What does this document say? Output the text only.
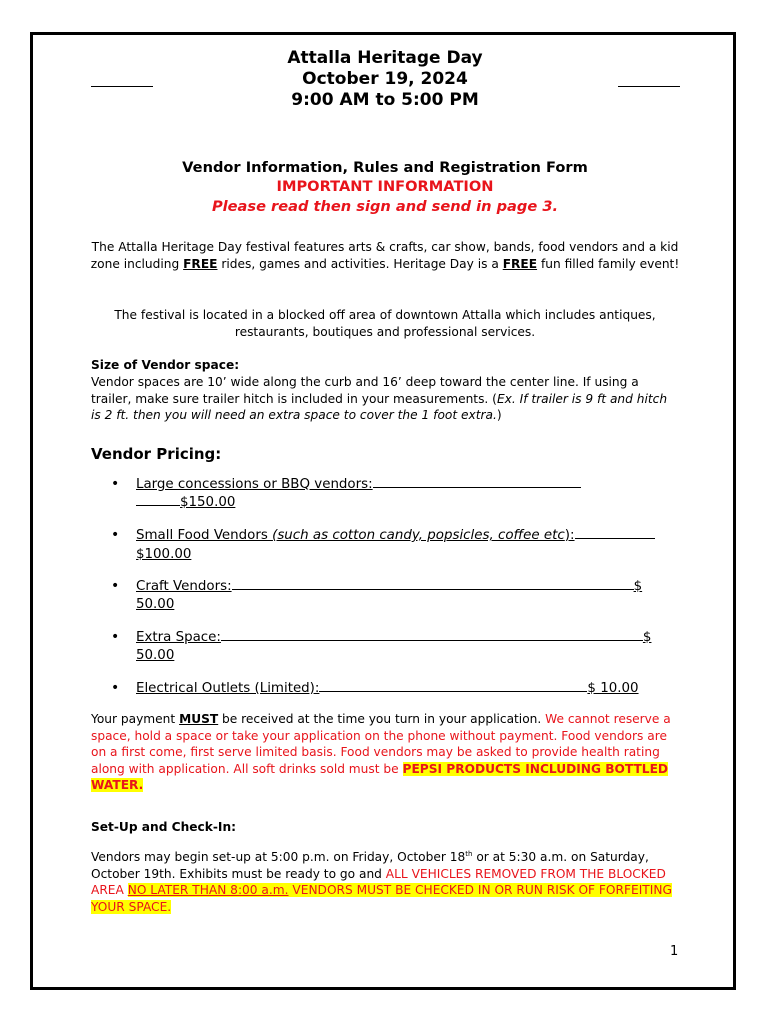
Attalla Heritage Day
October 19, 2024
9:00 AM to 5:00 PM
Vendor Information, Rules and Registration Form
IMPORTANT INFORMATION
Please read then sign and send in page 3.
The Attalla Heritage Day festival features arts & crafts, car show, bands, food vendors and a kid zone including FREE rides, games and activities. Heritage Day is a FREE fun filled family event!
The festival is located in a blocked off area of downtown Attalla which includes antiques, restaurants, boutiques and professional services.
Size of Vendor space:
Vendor spaces are 10’ wide along the curb and 16’ deep toward the center line. If using a trailer, make sure trailer hitch is included in your measurements. (Ex. If trailer is 9 ft and hitch is 2 ft. then you will need an extra space to cover the 1 foot extra.)
Vendor Pricing:
• Large concessions or BBQ vendors:
$150.00
• Small Food Vendors (such as cotton candy, popsicles, coffee etc):
$100.00
• Craft Vendors:	$
50.00
• Extra Space:	$
50.00
• Electrical Outlets (Limited):	$ 10.00
Your payment MUST be received at the time you turn in your application. We cannot reserve a space, hold a space or take your application on the phone without payment. Food vendors are on a first come, first serve limited basis. Food vendors may be asked to provide health rating along with application. All soft drinks sold must be PEPSI PRODUCTS INCLUDING BOTTLED WATER.
Set-Up and Check-In:
Vendors may begin set-up at 5:00 p.m. on Friday, October 18th or at 5:30 a.m. on Saturday, October 19th. Exhibits must be ready to go and ALL VEHICLES REMOVED FROM THE BLOCKED AREA NO LATER THAN 8:00 a.m. VENDORS MUST BE CHECKED IN OR RUN RISK OF FORFEITING YOUR SPACE.
1
